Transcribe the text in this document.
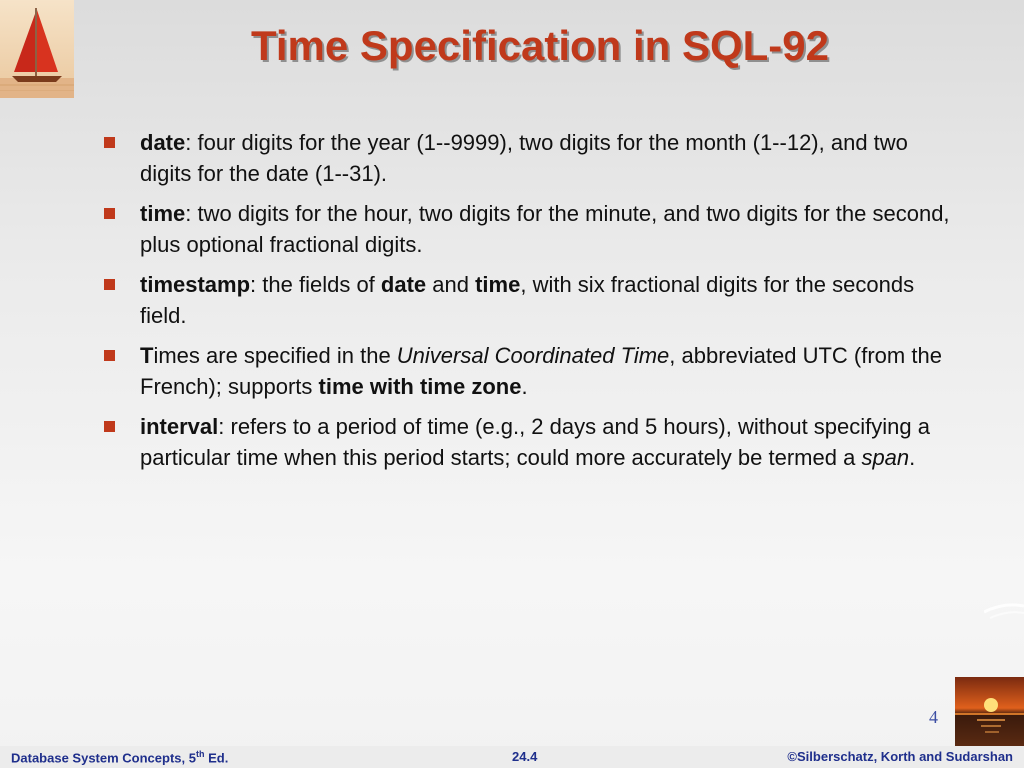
Time Specification in SQL-92
date: four digits for the year (1--9999), two digits for the month (1--12), and two digits for the date (1--31).
time: two digits for the hour, two digits for the minute, and two digits for the second, plus optional fractional digits.
timestamp: the fields of date and time, with six fractional digits for the seconds field.
Times are specified in the Universal Coordinated Time, abbreviated UTC (from the French); supports time with time zone.
interval: refers to a period of time (e.g., 2 days and 5 hours), without specifying a particular time when this period starts; could more accurately be termed a span.
4
Database System Concepts, 5th Ed.	24.4	©Silberschatz, Korth and Sudarshan
